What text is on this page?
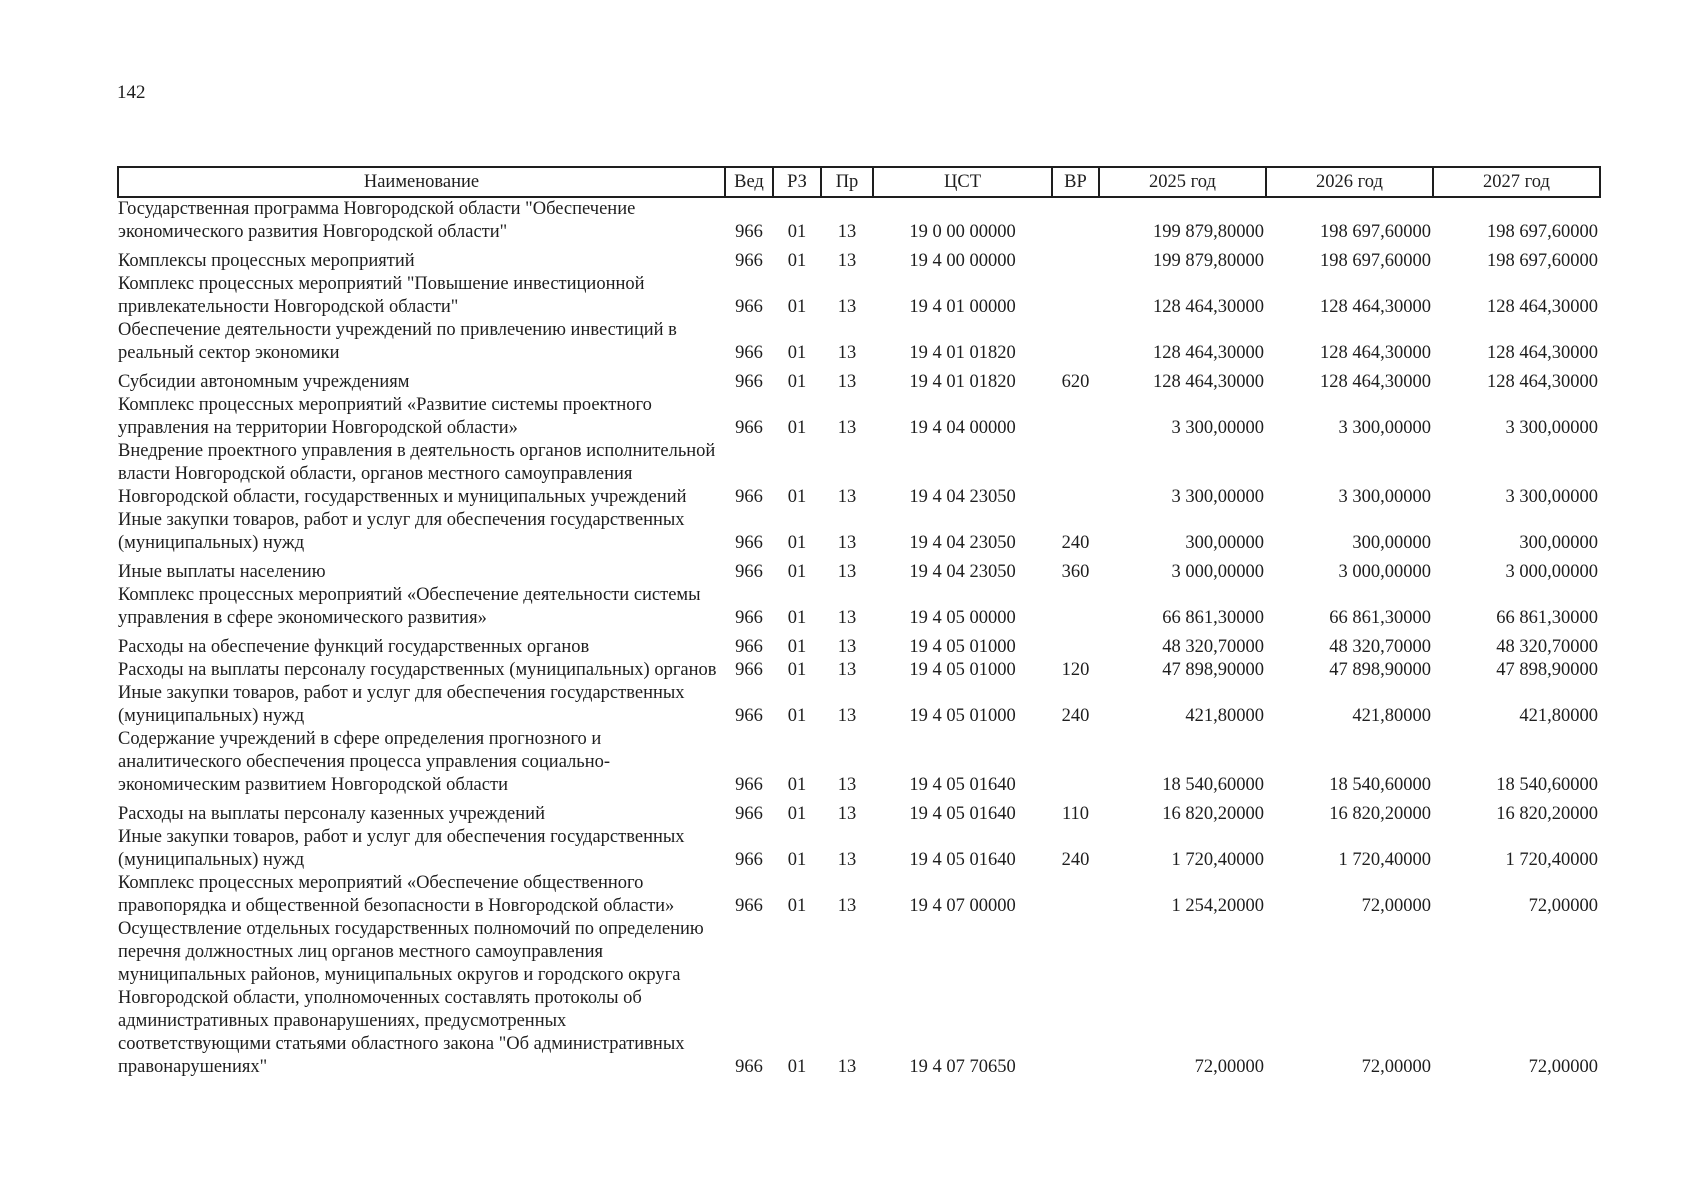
142
Наименование	Вед	РЗ	Пр	ЦСТ	ВР	2025 год	2026 год	2027 год
Государственная программа Новгородской области "Обеспечение экономического развития Новгородской области"	966	01	13	19 0 00 00000		199 879,80000	198 697,60000	198 697,60000
Комплексы процессных мероприятий	966	01	13	19 4 00 00000		199 879,80000	198 697,60000	198 697,60000
Комплекс процессных мероприятий "Повышение инвестиционной привлекательности Новгородской области"	966	01	13	19 4 01 00000		128 464,30000	128 464,30000	128 464,30000
Обеспечение деятельности учреждений по привлечению инвестиций в реальный сектор экономики	966	01	13	19 4 01 01820		128 464,30000	128 464,30000	128 464,30000
Субсидии автономным учреждениям	966	01	13	19 4 01 01820	620	128 464,30000	128 464,30000	128 464,30000
Комплекс процессных мероприятий «Развитие системы проектного управления на территории Новгородской области»	966	01	13	19 4 04 00000		3 300,00000	3 300,00000	3 300,00000
Внедрение проектного управления в деятельность органов исполнительной власти Новгородской области, органов местного самоуправления Новгородской области, государственных и муниципальных учреждений	966	01	13	19 4 04 23050		3 300,00000	3 300,00000	3 300,00000
Иные закупки товаров, работ и услуг для обеспечения государственных (муниципальных) нужд	966	01	13	19 4 04 23050	240	300,00000	300,00000	300,00000
Иные выплаты населению	966	01	13	19 4 04 23050	360	3 000,00000	3 000,00000	3 000,00000
Комплекс процессных мероприятий «Обеспечение деятельности системы управления в сфере экономического развития»	966	01	13	19 4 05 00000		66 861,30000	66 861,30000	66 861,30000
Расходы на обеспечение функций государственных органов	966	01	13	19 4 05 01000		48 320,70000	48 320,70000	48 320,70000
Расходы на выплаты персоналу государственных (муниципальных) органов	966	01	13	19 4 05 01000	120	47 898,90000	47 898,90000	47 898,90000
Иные закупки товаров, работ и услуг для обеспечения государственных (муниципальных) нужд	966	01	13	19 4 05 01000	240	421,80000	421,80000	421,80000
Содержание учреждений в сфере определения прогнозного и аналитического обеспечения процесса управления социально-экономическим развитием Новгородской области	966	01	13	19 4 05 01640		18 540,60000	18 540,60000	18 540,60000
Расходы на выплаты персоналу казенных учреждений	966	01	13	19 4 05 01640	110	16 820,20000	16 820,20000	16 820,20000
Иные закупки товаров, работ и услуг для обеспечения государственных (муниципальных) нужд	966	01	13	19 4 05 01640	240	1 720,40000	1 720,40000	1 720,40000
Комплекс процессных мероприятий «Обеспечение общественного правопорядка и общественной безопасности в Новгородской области»	966	01	13	19 4 07 00000		1 254,20000	72,00000	72,00000
Осуществление отдельных государственных полномочий по определению перечня должностных лиц органов местного самоуправления муниципальных районов, муниципальных округов и городского округа Новгородской области, уполномоченных составлять протоколы об административных правонарушениях, предусмотренных соответствующими статьями областного закона "Об административных правонарушениях"	966	01	13	19 4 07 70650		72,00000	72,00000	72,00000
